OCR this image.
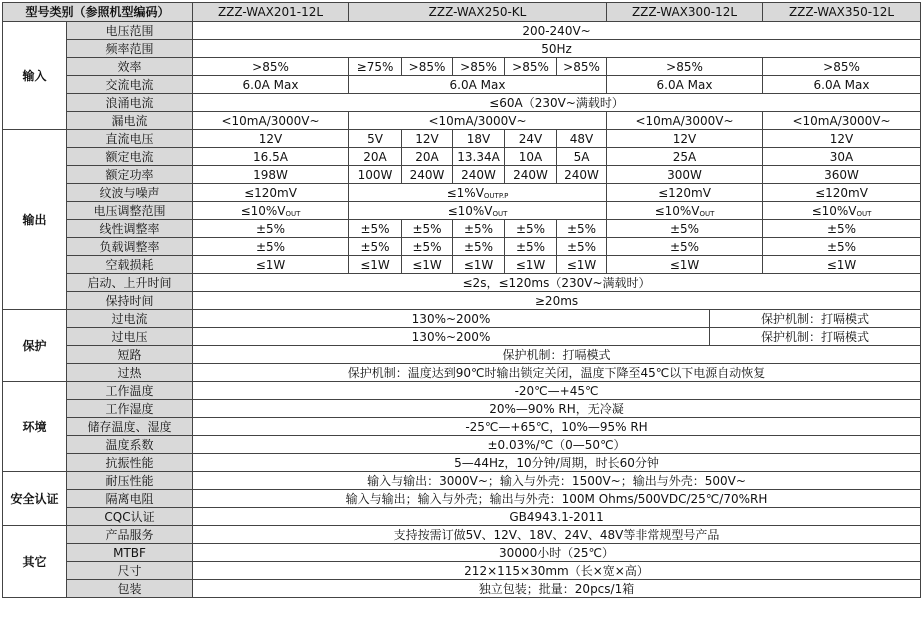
型号类别（参照机型编码）		ZZZ-WAX201-12L	ZZZ-WAX250-KL					ZZZ-WAX300-12L		ZZZ-WAX350-12L
输入	电压范围	200-240V~								
	频率范围	50Hz								
	效率	>85%	≥75%	>85%	>85%	>85%	>85%	>85%		>85%
	交流电流	6.0A Max	6.0A Max					6.0A Max		6.0A Max
	浪涌电流	≤60A（230V~满载时）								
	漏电流	<10mA/3000V~	<10mA/3000V~					<10mA/3000V~		<10mA/3000V~
输出	直流电压	12V	5V	12V	18V	24V	48V	12V		12V
	额定电流	16.5A	20A	20A	13.34A	10A	5A	25A		30A
	额定功率	198W	100W	240W	240W	240W	240W	300W		360W
	纹波与噪声	≤120mV	$\le 1\%V_{OUTP.P}$					≤120mV		≤120mV
	电压调整范围	$\le 10\%V_{OUT}$	$\le 10\%V_{OUT}$					$\le 10\%V_{OUT}$		$\le 10\%V_{OUT}$
	线性调整率	±5%	±5%	±5%	±5%	±5%	±5%	±5%		±5%
	负载调整率	±5%	±5%	±5%	±5%	±5%	±5%	±5%		±5%
	空载损耗	≤1W	≤1W	≤1W	≤1W	≤1W	≤1W	≤1W		≤1W
	启动、上升时间	≤2s，≤120ms（230V~满载时）								
	保持时间	≥20ms								
保护	过电流	130%~200%							保护机制：打嗝模式	
	过电压	130%~200%							保护机制：打嗝模式	
	短路	保护机制：打嗝模式								
	过热	保护机制：温度达到90℃时输出锁定关闭，温度下降至45℃以下电源自动恢复								
环境	工作温度	-20℃—+45℃								
	工作湿度	20%—90% RH，无冷凝								
	储存温度、湿度	-25℃—+65℃，10%—95% RH								
	温度系数	±0.03%/℃（0—50℃）								
	抗振性能	5—44Hz，10分钟/周期，时长60分钟								
安全认证	耐压性能	输入与输出：3000V~；输入与外壳：1500V~；输出与外壳：500V~								
	隔离电阻	输入与输出；输入与外壳；输出与外壳：100M Ohms/500VDC/25℃/70%RH								
	CQC认证	GB4943.1-2011								
其它	产品服务	支持按需订做5V、12V、18V、24V、48V等非常规型号产品								
	MTBF	30000小时（25℃）								
	尺寸	212×115×30mm（长×宽×高）								
	包装	独立包装；批量：20pcs/1箱								
